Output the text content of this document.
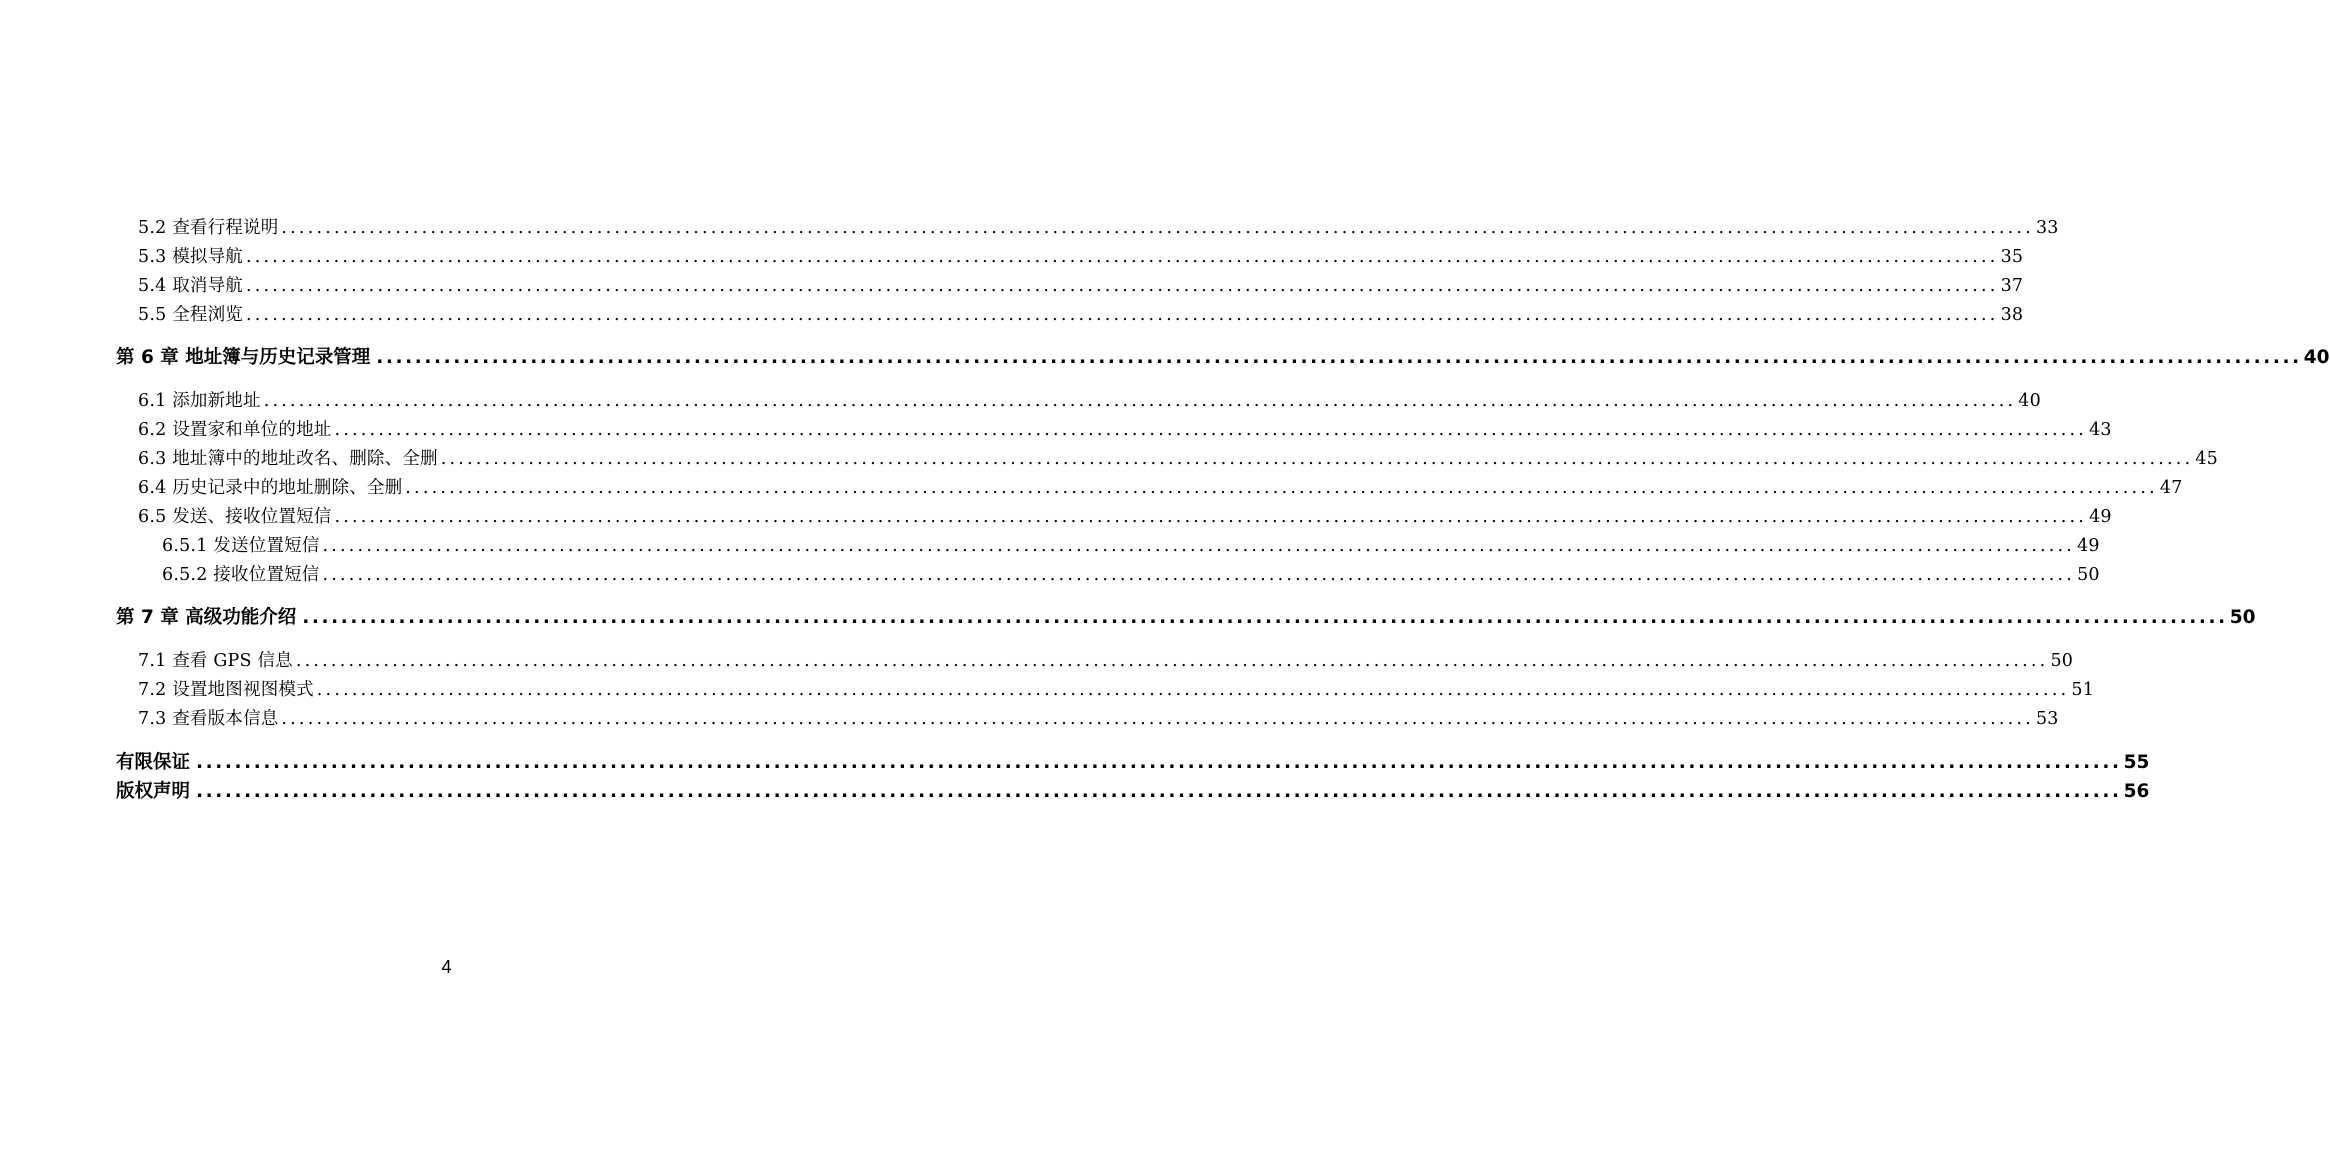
5.2 查看行程说明 ........................................................................................................................................................................................................ 33
5.3 模拟导航 ........................................................................................................................................................................................................ 35
5.4 取消导航 ........................................................................................................................................................................................................ 37
5.5 全程浏览 ........................................................................................................................................................................................................ 38
第 6 章 地址簿与历史记录管理 ........................................................................................................................................................................................................ 40
6.1 添加新地址 ........................................................................................................................................................................................................ 40
6.2 设置家和单位的地址 ........................................................................................................................................................................................................ 43
6.3 地址簿中的地址改名、删除、全删 ........................................................................................................................................................................................................ 45
6.4 历史记录中的地址删除、全删 ........................................................................................................................................................................................................ 47
6.5 发送、接收位置短信 ........................................................................................................................................................................................................ 49
6.5.1 发送位置短信 ........................................................................................................................................................................................................ 49
6.5.2 接收位置短信 ........................................................................................................................................................................................................ 50
第 7 章 高级功能介绍 ........................................................................................................................................................................................................ 50
7.1 查看 GPS 信息 ........................................................................................................................................................................................................ 50
7.2 设置地图视图模式 ........................................................................................................................................................................................................ 51
7.3 查看版本信息 ........................................................................................................................................................................................................ 53
有限保证 ........................................................................................................................................................................................................ 55
版权声明 ........................................................................................................................................................................................................ 56
4
